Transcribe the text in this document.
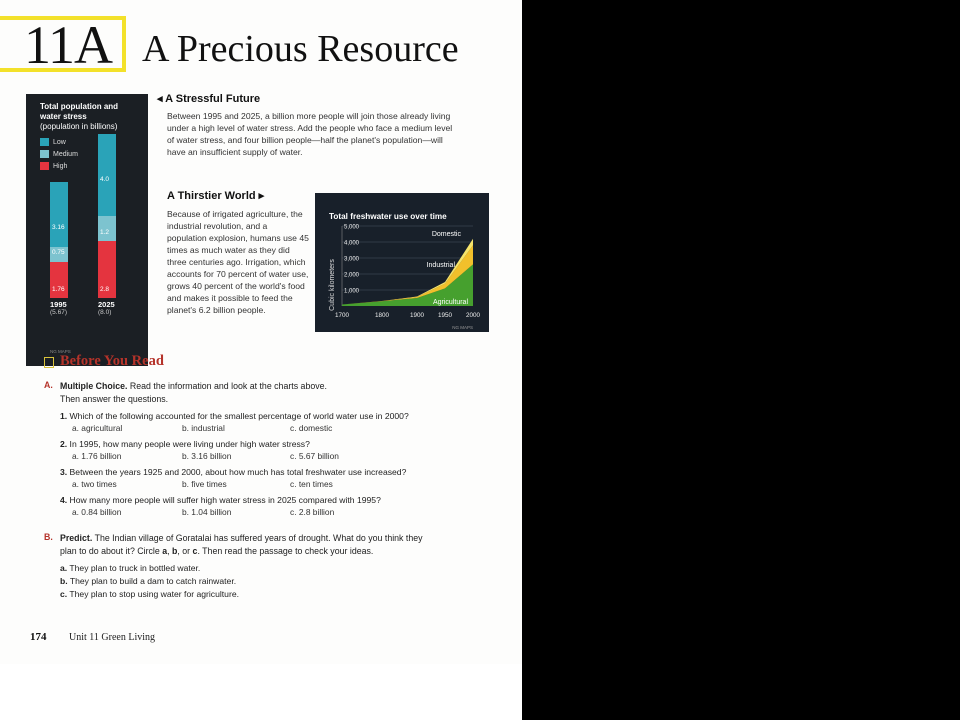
11A A Precious Resource
Total population and water stress
(population in billions)
Low
Medium
High
1.76
0.75
3.16
2.8
1.2
4.0
1995
(5.67)
2025
(8.0)
NG MAPS
◂ A Stressful Future
Between 1995 and 2025, a billion more people will join those already living under a high level of water stress. Add the people who face a medium level of water stress, and four billion people—half the planet's population—will have an insufficient supply of water.
A Thirstier World ▸
Because of irrigated agriculture, the industrial revolution, and a population explosion, humans use 45 times as much water as they did three centuries ago. Irrigation, which accounts for 70 percent of water use, grows 40 percent of the world's food and makes it possible to feed the planet's 6.2 billion people.
Total freshwater use over time
Cubic kilometers 1,000
2,000
3,000
4,000
5,000
1700	1800	1900 1950 2000
Agricultural
Industrial
Domestic
NG MAPS
Before You Read
A. Multiple Choice. Read the information and look at the charts above.
Then answer the questions.
1. Which of the following accounted for the smallest percentage of world water use in 2000?
a. agricultural	b. industrial	c. domestic
2. In 1995, how many people were living under high water stress?
a. 1.76 billion	b. 3.16 billion	c. 5.67 billion
3. Between the years 1925 and 2000, about how much has total freshwater use increased?
a. two times	b. five times	c. ten times
4. How many more people will suffer high water stress in 2025 compared with 1995?
a. 0.84 billion	b. 1.04 billion	c. 2.8 billion
B. Predict. The Indian village of Goratalai has suffered years of drought. What do you think they
plan to do about it? Circle a, b, or c. Then read the passage to check your ideas.
a. They plan to truck in bottled water.
b. They plan to build a dam to catch rainwater.
c. They plan to stop using water for agriculture.
174 Unit 11 Green Living
